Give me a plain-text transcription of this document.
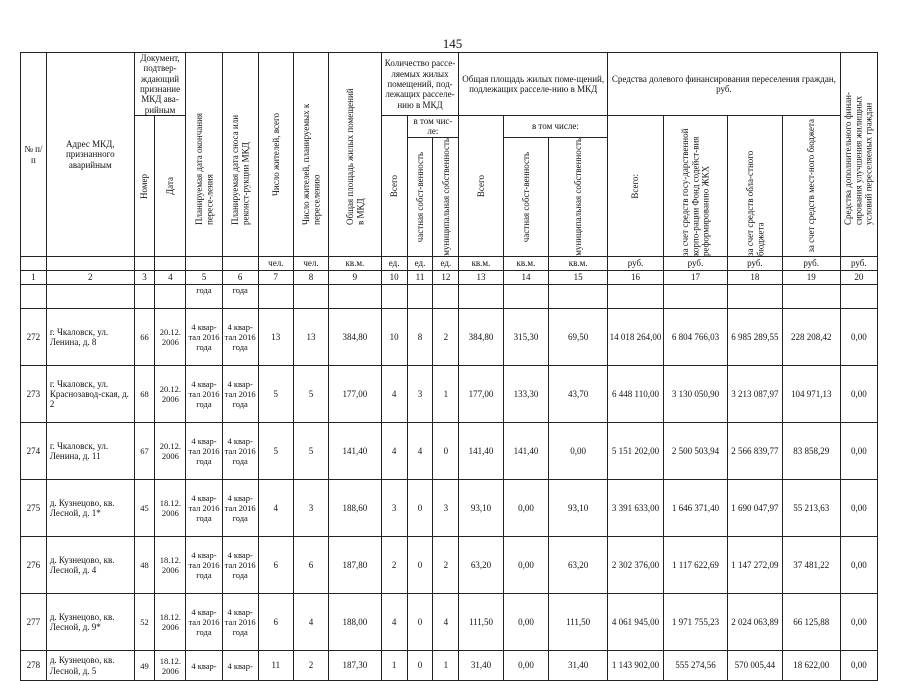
145
№ п/п	Адрес МКД, признанного аварийным	Документ, подтвер-ждающий признание МКД ава-рийным		Планируемая дата окончания пересе-ления	Планируемая дата сноса или реконст-рукции МКД	Число жителей, всего	Число жителей, планируемых к переселению	Общая площадь жилых помещений в МКД	Количество рассе-ляемых жилых помещений, под-лежащих расселе-нию в МКД			Общая площадь жилых поме-щений, подлежащих расселе-нию в МКД			Средства долевого финансирования переселения граждан, руб.				Средства дополнительного финан-сирования улучшения жилищных условий переселяемых граждан

		Номер	Дата						Всего	в том чис-ле:		Всего	в том числе:		Всего:	за счет средств госу-дарственной корпо-рации Фонд содейст-вия реформированию ЖКХ	за счет средств обла-стного бюджета	за счет средств мест-ного бюджета	

										частная собст-венность	муниципальная собственность		частная собст-венность	муниципальная собственность					

						чел.	чел.	кв.м.	ед.	ед.	ед.	кв.м.	кв.м.	кв.м.	руб.	руб.	руб.	руб.	руб.
1	2	3	4	5	6	7	8	9	10	11	12	13	14	15	16	17	18	19	20
				года	года														
272	г. Чкаловск, ул. Ленина, д. 8	66	20.12. 2006	4 квар- тал 2016 года	4 квар- тал 2016 года	13	13	384,80	10	8	2	384,80	315,30	69,50	14 018 264,00	6 804 766,03	6 985 289,55	228 208,42	0,00
273	г. Чкаловск, ул. Краснозавод-ская, д. 2	68	20.12. 2006	4 квар- тал 2016 года	4 квар- тал 2016 года	5	5	177,00	4	3	1	177,00	133,30	43,70	6 448 110,00	3 130 050,90	3 213 087,97	104 971,13	0,00
274	г. Чкаловск, ул. Ленина, д. 11	67	20.12. 2006	4 квар- тал 2016 года	4 квар- тал 2016 года	5	5	141,40	4	4	0	141,40	141,40	0,00	5 151 202,00	2 500 503,94	2 566 839,77	83 858,29	0,00
275	д. Кузнецово, кв. Лесной, д. 1*	45	18.12. 2006	4 квар- тал 2016 года	4 квар- тал 2016 года	4	3	188,60	3	0	3	93,10	0,00	93,10	3 391 633,00	1 646 371,40	1 690 047,97	55 213,63	0,00
276	д. Кузнецово, кв. Лесной, д. 4	48	18.12. 2006	4 квар- тал 2016 года	4 квар- тал 2016 года	6	6	187,80	2	0	2	63,20	0,00	63,20	2 302 376,00	1 117 622,69	1 147 272,09	37 481,22	0,00
277	д. Кузнецово, кв. Лесной, д. 9*	52	18.12. 2006	4 квар- тал 2016 года	4 квар- тал 2016 года	6	4	188,00	4	0	4	111,50	0,00	111,50	4 061 945,00	1 971 755,23	2 024 063,89	66 125,88	0,00
278	д. Кузнецово, кв. Лесной, д. 5	49	18.12. 2006	4 квар-	4 квар-	11	2	187,30	1	0	1	31,40	0,00	31,40	1 143 902,00	555 274,56	570 005,44	18 622,00	0,00
